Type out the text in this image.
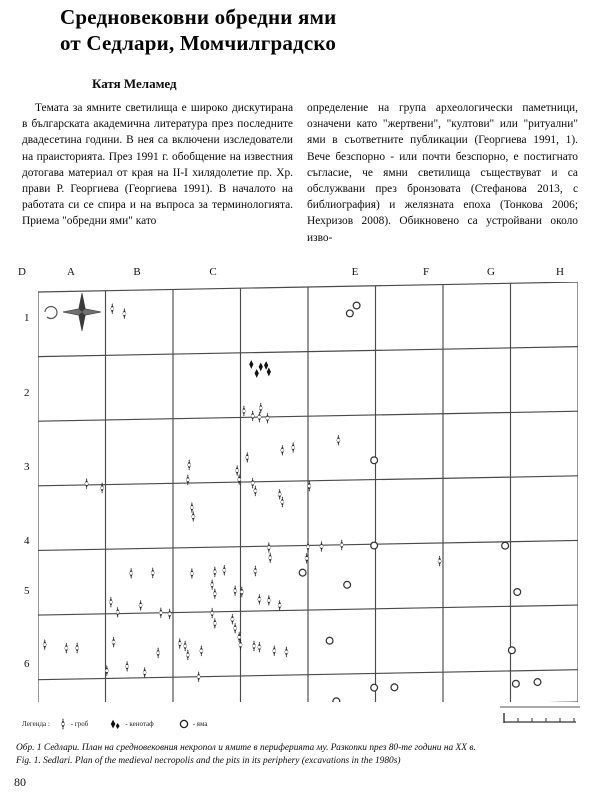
Средновековни обредни ями
от Седлари, Момчилградско
Катя Меламед

Темата за ямните светилища е широко дискутирана в българската академична литература през последните двадесетина години. В нея са включени изследователи на праисторията. През 1991 г. обобщение на известния дотогава материал от края на II-I хилядолетие пр. Хр. прави Р. Георгиева (Георгиева 1991). В началото на работата си се спира и на въпроса за терминологията. Приема "обредни ями" като

определение на група археологически паметници, означени като "жертвени", "култови" или "ритуални" ями в съответните публикации (Георгиева 1991, 1). Вече безспорно - или почти безспорно, е постигнато съгласие, че ямни светилища съществуват и са обслужвани през бронзовата (Стефанова 2013, с библиография) и желязната епоха (Тонкова 2006; Нехризов 2008). Обикновено са устройвани около изво-

A	B	C
D	E	F	G	H
1
2
3
4
5
6
Легенда :	- гроб	- кенотаф	- яма
Обр. 1 Седлари. План на средновековния некропол и ямите в перифериятa му. Разкопки през 80-те години на XX в.
Fig. 1. Sedlari. Plan of the medieval necropolis and the pits in its periphery (excavations in the 1980s)
80
